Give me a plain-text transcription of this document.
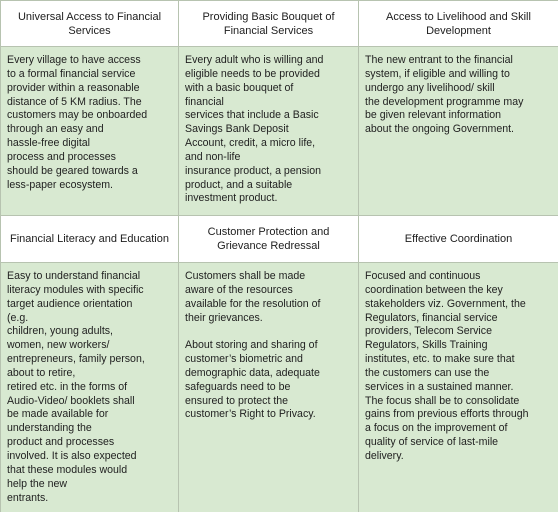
Universal Access to Financial Services
Providing Basic Bouquet of Financial Services
Access to Livelihood and Skill Development
Every village to have access
to a formal financial service
provider within a reasonable
distance of 5 KM radius. The
customers may be onboarded
through an easy and
hassle-free digital
process and processes
should be geared towards a
less-paper ecosystem.
Every adult who is willing and
eligible needs to be provided
with a basic bouquet of
financial
services that include a Basic
Savings Bank Deposit
Account, credit, a micro life,
and non-life
insurance product, a pension
product, and a suitable
investment product.
The new entrant to the financial
system, if eligible and willing to
undergo any livelihood/ skill
the development programme may
be given relevant information
about the ongoing Government.
Financial Literacy and Education
Customer Protection and Grievance Redressal
Effective Coordination
Easy to understand financial
literacy modules with specific
target audience orientation
(e.g.
children, young adults,
women, new workers/
entrepreneurs, family person,
about to retire,
retired etc. in the forms of
Audio-Video/ booklets shall
be made available for
understanding the
product and processes
involved. It is also expected
that these modules would
help the new
entrants.
Customers shall be made
aware of the resources
available for the resolution of
their grievances.
About storing and sharing of
customer’s biometric and
demographic data, adequate
safeguards need to be
ensured to protect the
customer’s Right to Privacy.
Focused and continuous
coordination between the key
stakeholders viz. Government, the
Regulators, financial service
providers, Telecom Service
Regulators, Skills Training
institutes, etc. to make sure that
the customers can use the
services in a sustained manner.
The focus shall be to consolidate
gains from previous efforts through
a focus on the improvement of
quality of service of last-mile
delivery.
